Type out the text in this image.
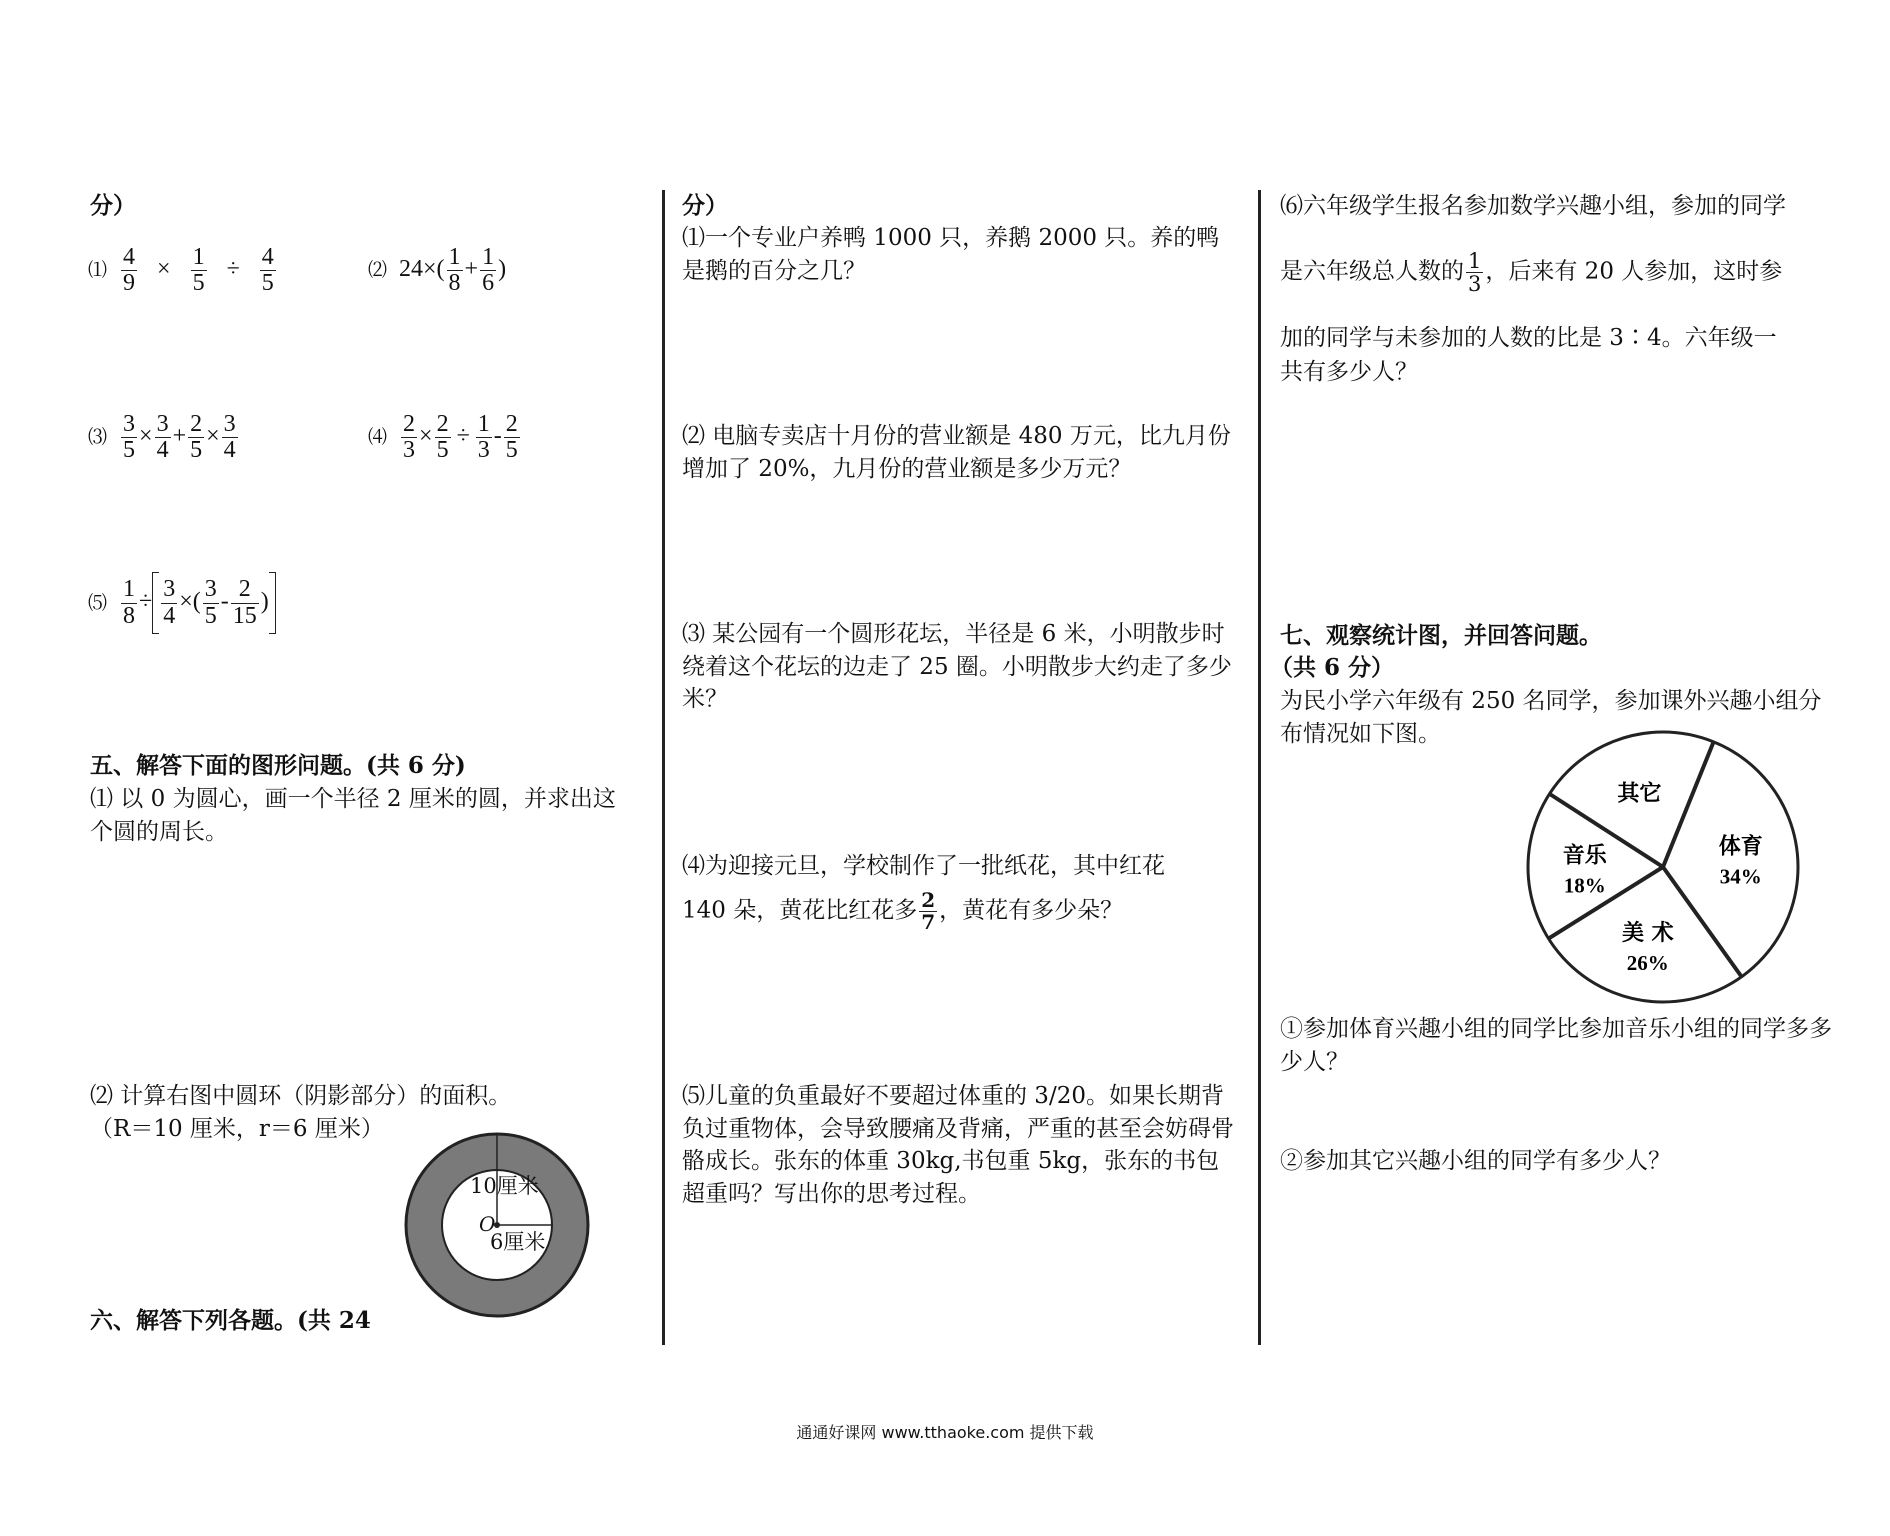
分）
⑴ $\frac{4}{9} \times \frac{1}{5} \div \frac{4}{5}$	⑵ $24\times( \frac{1}{8} + \frac{1}{6}$ )
⑶ $\frac{3}{5} \times \frac{3}{4} + \frac{2}{5} \times \frac{3}{4}$	⑷ $\frac{2}{3} \times \frac{2}{5} \div \frac{1}{3} - \frac{2}{5}$
⑸ $\frac{1}{8} \div \frac{3}{4}$ ×( $\frac{3}{5} - \frac{2}{15}$ )
五、解答下面的图形问题。(共 6 分)
⑴ 以 0 为圆心，画一个半径 2 厘米的圆，并求出这个圆的周长。
⑵ 计算右图中圆环（阴影部分）的面积。
（R＝10 厘米，r＝6 厘米）
10厘米
6厘米
O
六、解答下列各题。(共 24
分）
⑴一个专业户养鸭 1000 只，养鹅 2000 只。养的鸭是鹅的百分之几？
⑵ 电脑专卖店十月份的营业额是 480 万元，比九月份增加了 20%，九月份的营业额是多少万元？
⑶ 某公园有一个圆形花坛，半径是 6 米，小明散步时绕着这个花坛的边走了 25 圈。小明散步大约走了多少米？
⑷为迎接元旦，学校制作了一批纸花，其中红花
140 朵，黄花比红花多 $\frac{2}{7}$ ，黄花有多少朵？
⑸儿童的负重最好不要超过体重的 3/20。如果长期背负过重物体，会导致腰痛及背痛，严重的甚至会妨碍骨骼成长。张东的体重 30kg,书包重 5kg，张东的书包超重吗？写出你的思考过程。
⑹六年级学生报名参加数学兴趣小组，参加的同学
是六年级总人数的 $\frac{1}{3}$ ，后来有 20 人参加，这时参
加的同学与未参加的人数的比是 3∶4。六年级一
共有多少人？
七、观察统计图，并回答问题。
（共 6 分）
为民小学六年级有 250 名同学，参加课外兴趣小组分布情况如下图。
体育
34%
美 术
26%
音乐
18%
其它
①参加体育兴趣小组的同学比参加音乐小组的同学多多少人？
②参加其它兴趣小组的同学有多少人？
通通好课网 www.tthaoke.com 提供下载
